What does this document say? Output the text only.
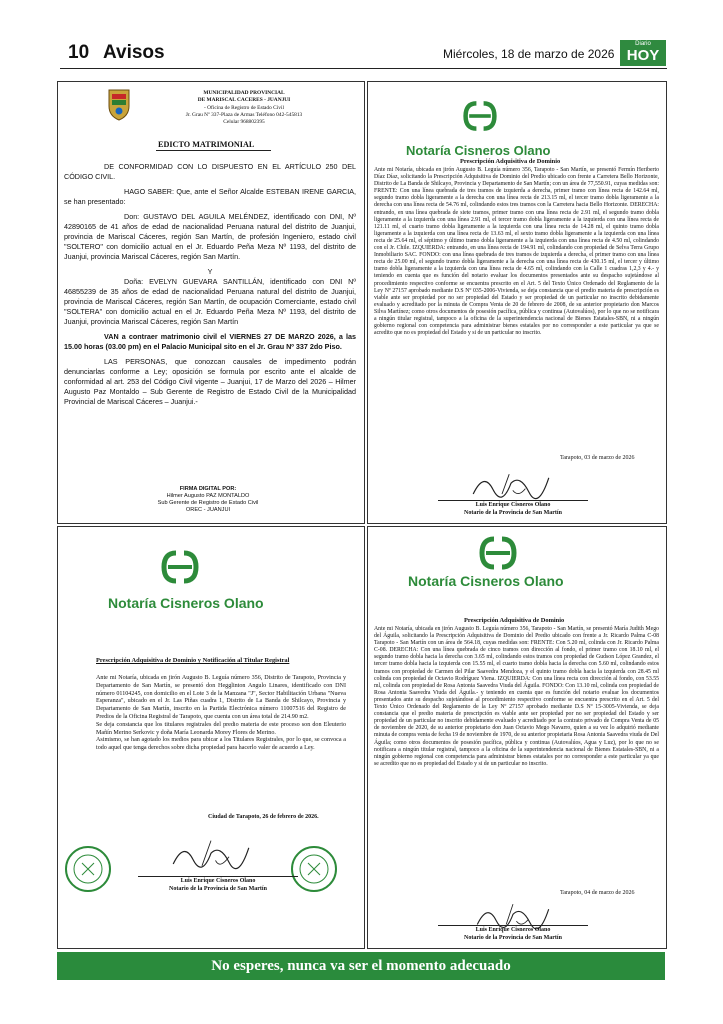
10 Avisos	Miércoles, 18 de marzo de 2026
Diario
HOY
MUNICIPALIDAD PROVINCIAL
DE MARISCAL CACERES - JUANJUI
- Oficina de Registro de Estado Civil
Jr. Grau Nº 337-Plaza de Armas Teléfono 042-545813
Celular 968802395
EDICTO MATRIMONIAL

DE CONFORMIDAD CON LO DISPUESTO EN EL ARTÍCULO 250 DEL CÓDIGO CIVIL.

HAGO SABER: Que, ante el Señor Alcalde ESTEBAN IRENE GARCIA, se han presentado:

Don: GUSTAVO DEL AGUILA MELÉNDEZ, identificado con DNI, Nº 42890165 de 41 años de edad de nacionalidad Peruana natural del distrito de Juanjui, provincia de Mariscal Cáceres, región San Martín, de profesión Ingeniero, estado civil "SOLTERO" con domicilio actual en el Jr. Eduardo Peña Meza Nº 1193, del distrito de Juanjui, provincia Mariscal Cáceres, región San Martín.

Y

Doña: EVELYN GUEVARA SANTILLÁN, identificado con DNI Nº 46855239 de 35 años de edad de nacionalidad Peruana natural del distrito de Juanjui, provincia de Mariscal Cáceres, región San Martín, de ocupación Comerciante, estado civil "SOLTERA" con domicilio actual en el Jr. Eduardo Peña Meza Nº 1193, del distrito de Juanjui, provincia Mariscal Cáceres, región San Martín

VAN a contraer matrimonio civil el VIERNES 27 DE MARZO 2026, a las 15.00 horas (03.00 pm) en el Palacio Municipal sito en el Jr. Grau Nº 337 2do Piso.

LAS PERSONAS, que conozcan causales de impedimento podrán denunciarlas conforme a Ley; oposición se formula por escrito ante el alcalde de conformidad al art. 253 del Código Civil vigente – Juanjui, 17 de Marzo del 2026 – Hilmer Augusto Paz Montaldo – Sub Gerente de Registro de Estado Civil de la Municipalidad Provincial de Mariscal Cáceres – Juanjui.-

FIRMA DIGITAL POR:
Hilmer Augusto PAZ MONTALDO
Sub Gerente de Registro de Estado Civil
OREC - JUANJUI
Notaría Cisneros Olano
Prescripción Adquisitiva de Dominio

Ante mi Notaría, ubicada en jirón Augusto B. Leguía número 356, Tarapoto - San Martín, se presentó Fermín Heriberto Díaz Díaz, solicitando la Prescripción Adquisitiva de Dominio del Predio ubicado con frente a Carretera Bello Horizonte, Distrito de La Banda de Shilcayo, Provincia y Departamento de San Martín; con un área de 77,550.91, cuyas medidas son: FRENTE: Con una línea quebrada de tres tramos de izquierda a derecha, primer tramo con línea recta de 142.64 ml, segundo tramo dobla ligeramente a la derecha con una línea recta de 213.15 ml, el tercer tramo dobla ligeramente a la derecha con una línea recta de 54.76 ml, colindando estos tres tramos con la Carretera hacia Bello Horizonte. DERECHA: entrando, en una línea quebrada de siete tramos, primer tramo con una línea recta de 2.91 ml, el segundo tramo dobla ligeramente a la izquierda con una línea 2.91 ml, el tercer tramo dobla ligeramente a la izquierda con una línea recta de 121.11 ml, el cuarto tramo dobla ligeramente a la izquierda con una línea recta de 14.28 ml, el quinto tramo dobla ligeramente a la izquierda con una línea recta de 13.63 ml, el sexto tramo dobla ligeramente a la izquierda con una línea recta de 25.64 ml, el séptimo y último tramo dobla ligeramente a la izquierda con una línea recta de 4.50 ml, colindando con el Jr. Chile. IZQUIERDA: entrando, en una línea recta de 194.91 ml, colindando con propiedad de Selva Terra Grupo Inmobiliario SAC. FONDO: con una línea quebrada de tres tramos de izquierda a derecha, el primer tramo con una línea recta de 25.00 ml, el segundo tramo dobla ligeramente a la derecha con una línea recta de 430.15 ml, el tercer y último tramo dobla ligeramente a la izquierda con una línea recta de 4.65 ml, colindando con la Calle 1 cuadras 1,2,3 y 4.- y teniendo en cuenta que es función del notario evaluar los documentos presentados ante su despacho sujetándose al procedimiento respectivo conforme se encuentra prescrito en el Art. 5 del Texto Único Ordenado del Reglamento de la Ley Nº 27157 aprobado mediante D.S Nº 035-2006-Vivienda, se deja constancia que el predio materia de prescripción es viable ante ser propiedad por no ser propiedad del Estado y ser propiedad de un particular no inscrito debidamente evaluado y acreditado por la minuta de Compra Venta de 20 de febrero de 2008, de su anterior propietario don Marcos Silva Martínez; como otros documentos de posesión pacífica, pública y continua (Autovalúos), por lo que no se notificara a ningún titular registral, tampoco a la oficina de la superintendencia nacional de Bienes Estatales-SBN, ni a ningún gobierno regional con competencia para administrar bienes estatales por no corresponder a este particular ya que se acredito que no es propiedad del Estado y si de un particular no inscrito.

Tarapoto, 03 de marzo de 2026
Luis Enrique Cisneros Olano
Notario de la Provincia de San Martín
Notaría Cisneros Olano
Prescripción Adquisitiva de Dominio y Notificación al Titular Registral

Ante mi Notaría, ubicada en jirón Augusto B. Leguía número 356, Distrito de Tarapoto, Provincia y Departamento de San Martín, se presentó don Hegglinton Angulo Linares, identificado con DNI número 01104245, con domicilio en el Lote 3 de la Manzana "J", Sector Habilitación Urbana "Nueva Esperanza", ubicado en el Jr. Las Piñas cuadra 1, Distrito de La Banda de Shilcayo, Provincia y Departamento de San Martín, inscrito en la Partida Electrónica número 11007516 del Registro de Predios de la Oficina Registral de Tarapoto, que cuenta con un área total de 214.90 m2.

Se deja constancia que los titulares registrales del predio materia de este proceso son don Eleuterio Mañín Merino Serkovic y doña María Leonarda Morey Flores de Merino.

Asimismo, se han agotado los medios para ubicar a los Titulares Registrales, por lo que, se convoca a todo aquel que tenga derechos sobre dicha propiedad para hacerlo valer de acuerdo a Ley.

Ciudad de Tarapoto, 26 de febrero de 2026.
Luis Enrique Cisneros Olano
Notario de la Provincia de San Martín
Notaría Cisneros Olano
Prescripción Adquisitiva de Dominio

Ante mi Notaría, ubicada en jirón Augusto B. Leguía número 356, Tarapoto - San Martín, se presentó María Judith Mego del Águila, solicitando la Prescripción Adquisitiva de Dominio del Predio ubicado con frente a Jr. Ricardo Palma C-08 Tarapoto - San Martín con un área de 564.18, cuyas medidas son: FRENTE: Con 5.20 ml, colinda con Jr. Ricardo Palma C-08. DERECHA: Con una línea quebrada de cinco tramos con dirección al fondo, el primer tramo con 18.10 ml, el segundo tramo dobla hacia la derecha con 3.65 ml, colindando estos tramos con propiedad de Gudson López Grandez, el tercer tramo dobla hacia la izquierda con 15.55 ml, el cuarto tramo dobla hacia la derecha con 5.60 ml, colindando estos tramos con propiedad de Carmen del Pilar Saavedra Mendoza, y el quinto tramo dobla hacia la izquierda con 28.45 ml colinda con propiedad de Octavio Rodríguez Viena. IZQUIERDA: Con una línea recta con dirección al fondo, con 53.55 ml, colinda con propiedad de Rosa Antonia Saavedra Viuda del Águila. FONDO: Con 13.10 ml, colinda con propiedad de Rosa Antonia Saavedra Viuda del Águila.- y teniendo en cuenta que es función del notario evaluar los documentos presentados ante su despacho sujetándose al procedimiento respectivo conforme se encuentra prescrito en el Art. 5 del Texto Único Ordenado del Reglamento de la Ley Nº 27157 aprobado mediante D.S Nº 15-3005-Vivienda, se deja constancia que el predio materia de prescripción es viable ante ser propiedad por no ser propiedad del Estado y ser propiedad de un particular no inscrito debidamente evaluado y acreditado por la contrato privado de Compra Venta de 05 de noviembre de 2020, de su anterior propietario don Juan Octavio Mego Navarro, quien a su vez lo adquirió mediante minuta de compra venta de fecha 19 de noviembre de 1970, de su anterior propietaria Rosa Antonia Saavedra viuda de Del Águila; como otros documentos de posesión pacífica, pública y continua (Autovalúos, Agua y Luz), por lo que no se notificara a ningún titular registral, tampoco a la oficina de la superintendencia nacional de Bienes Estatales-SBN, ni a ningún gobierno regional con competencia para administrar bienes estatales por no corresponder a este particular ya que se acredito que no es propiedad del Estado y si de un particular no inscrito.

Tarapoto, 04 de marzo de 2026
Luis Enrique Cisneros Olano
Notario de la Provincia de San Martín
No esperes, nunca va ser el momento adecuado
